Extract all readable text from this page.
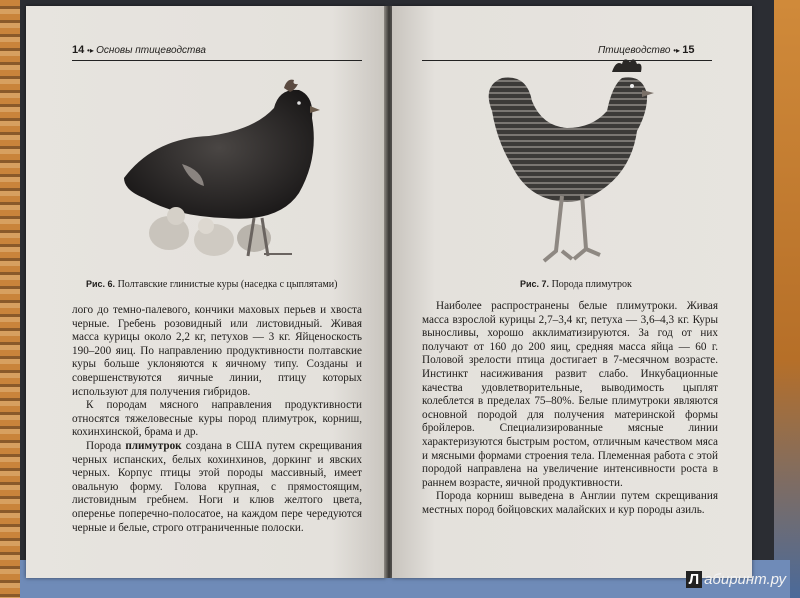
14 •▸ Основы птицеводства
Рис. 6. Полтавские глинистые куры (наседка с цыплятами)

лого до темно-палевого, кончики маховых перьев и хвоста черные. Гребень розовидный или листовидный. Живая масса курицы около 2,2 кг, петухов — 3 кг. Яйценоскость 190–200 яиц. По направлению продуктивности полтавские куры больше уклоняются к яичному типу. Созданы и совершенствуются яичные линии, птицу которых используют для получения гибридов.

К породам мясного направления продуктивности относятся тяжеловесные куры пород плимутрок, корниш, кохинхинской, брама и др.

Порода плимутрок создана в США путем скрещивания черных испанских, белых кохинхинов, доркинг и явских черных. Корпус птицы этой породы массивный, имеет овальную форму. Голова крупная, с прямостоящим, листовидным гребнем. Ноги и клюв желтого цвета, оперенье поперечно-полосатое, на каждом пере чередуются черные и белые, строго отграниченные полоски.

Птицеводство •▸ 15
Рис. 7. Порода плимутрок

Наиболее распространены белые плимутроки. Живая масса взрослой курицы 2,7–3,4 кг, петуха — 3,6–4,3 кг. Куры выносливы, хорошо акклиматизируются. За год от них получают от 160 до 200 яиц, средняя масса яйца — 60 г. Половой зрелости птица достигает в 7-месячном возрасте. Инстинкт насиживания развит слабо. Инкубационные качества удовлетворительные, выводимость цыплят колеблется в пределах 75–80%. Белые плимутроки являются основной породой для получения материнской формы бройлеров. Специализированные мясные линии характеризуются быстрым ростом, отличным качеством мяса и мясными формами строения тела. Племенная работа с этой породой направлена на увеличение интенсивности роста в раннем возрасте, яичной продуктивности.

Порода корниш выведена в Англии путем скрещивания местных пород бойцовских малайских и кур породы азиль.

Л абиринт.ру
